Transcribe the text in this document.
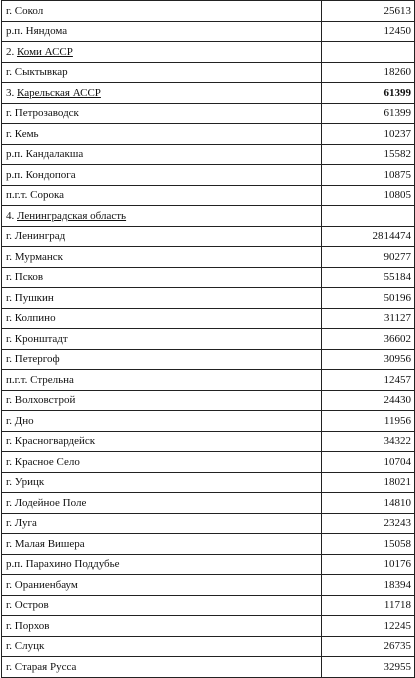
г. Сокол	25613
р.п. Няндома	12450
2. Коми АССР	
г. Сыктывкар	18260
3. Карельская АССР	61399
г. Петрозаводск	61399
г. Кемь	10237
р.п. Кандалакша	15582
р.п. Кондопога	10875
п.г.т. Сорока	10805
4. Ленинградская область	
г. Ленинград	2814474
г. Мурманск	90277
г. Псков	55184
г. Пушкин	50196
г. Колпино	31127
г. Кронштадт	36602
г. Петергоф	30956
п.г.т. Стрельна	12457
г. Волховстрой	24430
г. Дно	11956
г. Красногвардейск	34322
г. Красное Село	10704
г. Урицк	18021
г. Лодейное Поле	14810
г. Луга	23243
г. Малая Вишера	15058
р.п. Парахино Поддубье	10176
г. Ораниенбаум	18394
г. Остров	11718
г. Порхов	12245
г. Слуцк	26735
г. Старая Русса	32955
